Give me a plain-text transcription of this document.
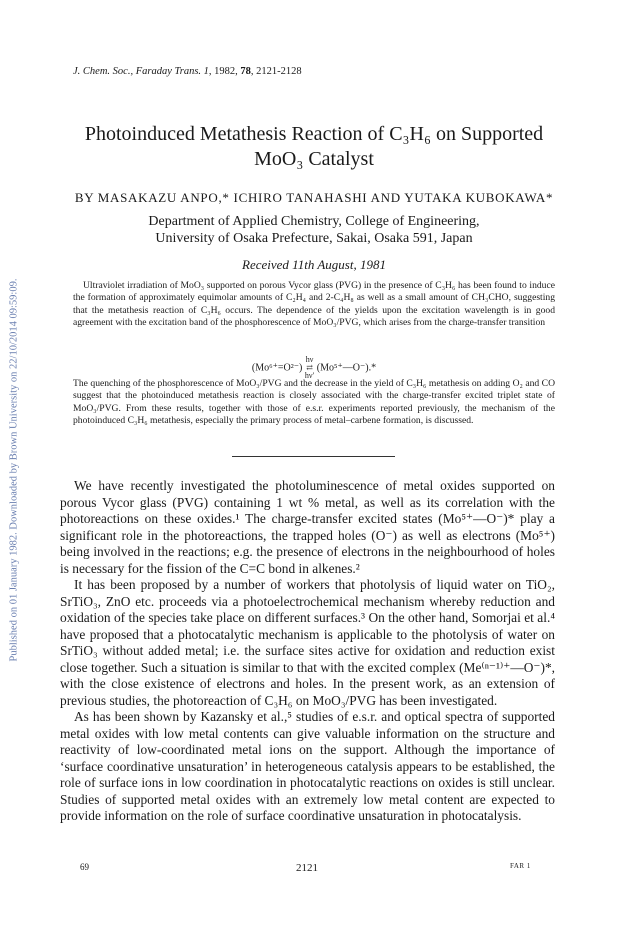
Published on 01 January 1982. Downloaded by Brown University on 22/10/2014 09:59:09.
J. Chem. Soc., Faraday Trans. 1, 1982, 78, 2121-2128
Photoinduced Metathesis Reaction of C₃H₆ on Supported
MoO₃ Catalyst
BY MASAKAZU ANPO,* ICHIRO TANAHASHI AND YUTAKA KUBOKAWA*
Department of Applied Chemistry, College of Engineering,
University of Osaka Prefecture, Sakai, Osaka 591, Japan
Received 11th August, 1981

Ultraviolet irradiation of MoO₃ supported on porous Vycor glass (PVG) in the presence of C₃H₆ has been found to induce the formation of approximately equimolar amounts of C₂H₄ and 2-C₄H₈ as well as a small amount of CH₃CHO, suggesting that the metathesis reaction of C₃H₆ occurs. The dependence of the yields upon the excitation wavelength is in good agreement with the excitation band of the phosphorescence of MoO₃/PVG, which arises from the charge-transfer transition

(Mo⁶⁺=O²⁻) hν
⇄
hν′ (Mo⁵⁺—O⁻).*

The quenching of the phosphorescence of MoO₃/PVG and the decrease in the yield of C₃H₆ metathesis on adding O₂ and CO suggest that the photoinduced metathesis reaction is closely associated with the charge-transfer excited triplet state of MoO₃/PVG. From these results, together with those of e.s.r. experiments reported previously, the mechanism of the photoinduced C₃H₆ metathesis, especially the primary process of metal–carbene formation, is discussed.

We have recently investigated the photoluminescence of metal oxides supported on porous Vycor glass (PVG) containing 1 wt % metal, as well as its correlation with the photoreactions on these oxides.¹ The charge-transfer excited states (Mo⁵⁺—O⁻)* play a significant role in the photoreactions, the trapped holes (O⁻) as well as electrons (Mo⁵⁺) being involved in the reactions; e.g. the presence of electrons in the neighbourhood of holes is necessary for the fission of the C=C bond in alkenes.²

It has been proposed by a number of workers that photolysis of liquid water on TiO₂, SrTiO₃, ZnO etc. proceeds via a photoelectrochemical mechanism whereby reduction and oxidation of the species take place on different surfaces.³ On the other hand, Somorjai et al.⁴ have proposed that a photocatalytic mechanism is applicable to the photolysis of water on SrTiO₃ without added metal; i.e. the surface sites active for oxidation and reduction exist close together. Such a situation is similar to that with the excited complex (Me⁽ⁿ⁻¹⁾⁺—O⁻)*, with the close existence of electrons and holes. In the present work, as an extension of previous studies, the photoreaction of C₃H₆ on MoO₃/PVG has been investigated.

As has been shown by Kazansky et al.,⁵ studies of e.s.r. and optical spectra of supported metal oxides with low metal contents can give valuable information on the structure and reactivity of low-coordinated metal ions on the support. Although the importance of ‘surface coordinative unsaturation’ in heterogeneous catalysis appears to be established, the role of surface ions in low coordination in photocatalytic reactions on oxides is still unclear. Studies of supported metal oxides with an extremely low metal content are expected to provide information on the role of surface coordinative unsaturation in photocatalysis.

69	2121	FAR 1
